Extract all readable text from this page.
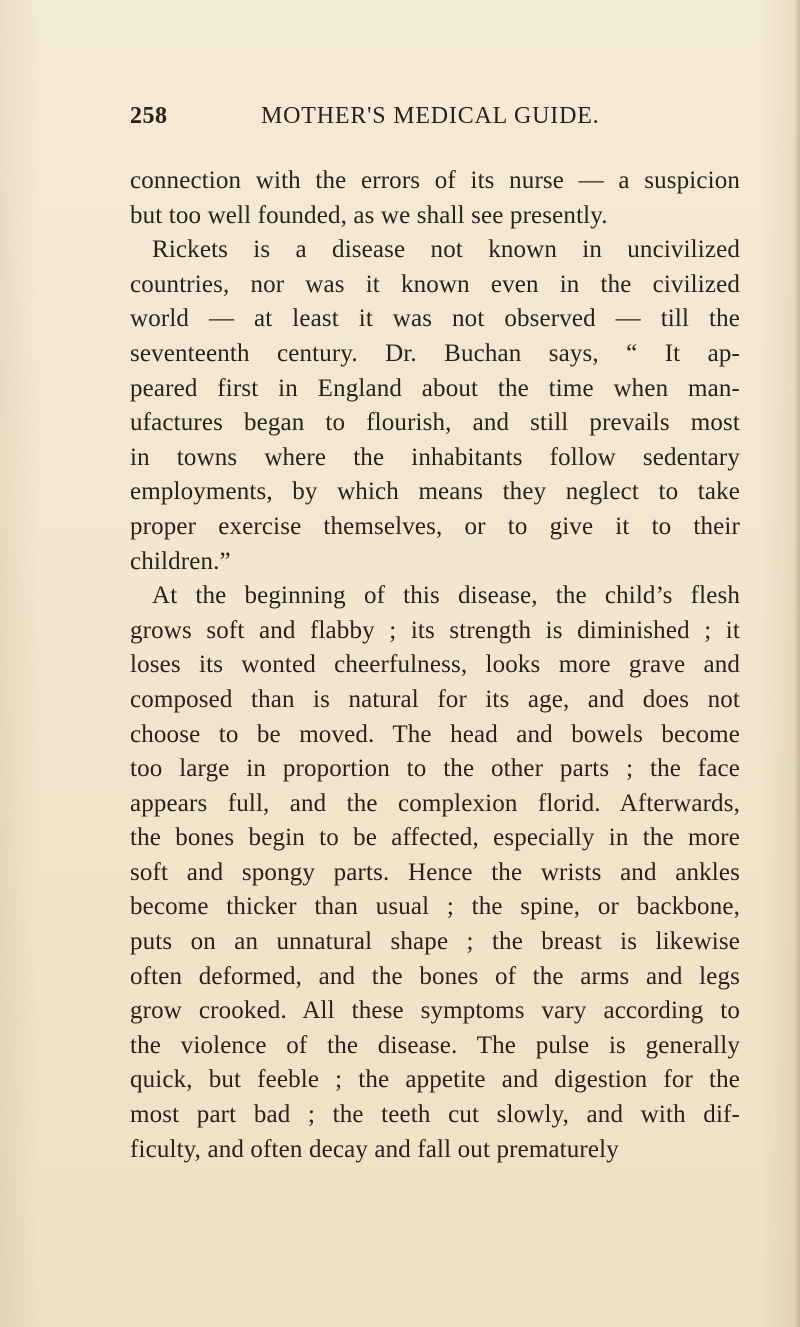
258	MOTHER'S MEDICAL GUIDE.
connection with the errors of its nurse — a suspicion
but too well founded, as we shall see presently.
Rickets is a disease not known in uncivilized
countries, nor was it known even in the civilized
world — at least it was not observed — till the
seventeenth century. Dr. Buchan says, “ It ap-
peared first in England about the time when man-
ufactures began to flourish, and still prevails most
in towns where the inhabitants follow sedentary
employments, by which means they neglect to take
proper exercise themselves, or to give it to their
children.”
At the beginning of this disease, the child’s flesh
grows soft and flabby ; its strength is diminished ; it
loses its wonted cheerfulness, looks more grave and
composed than is natural for its age, and does not
choose to be moved. The head and bowels become
too large in proportion to the other parts ; the face
appears full, and the complexion florid. Afterwards,
the bones begin to be affected, especially in the more
soft and spongy parts. Hence the wrists and ankles
become thicker than usual ; the spine, or backbone,
puts on an unnatural shape ; the breast is likewise
often deformed, and the bones of the arms and legs
grow crooked. All these symptoms vary according to
the violence of the disease. The pulse is generally
quick, but feeble ; the appetite and digestion for the
most part bad ; the teeth cut slowly, and with dif-
ficulty, and often decay and fall out prematurely
